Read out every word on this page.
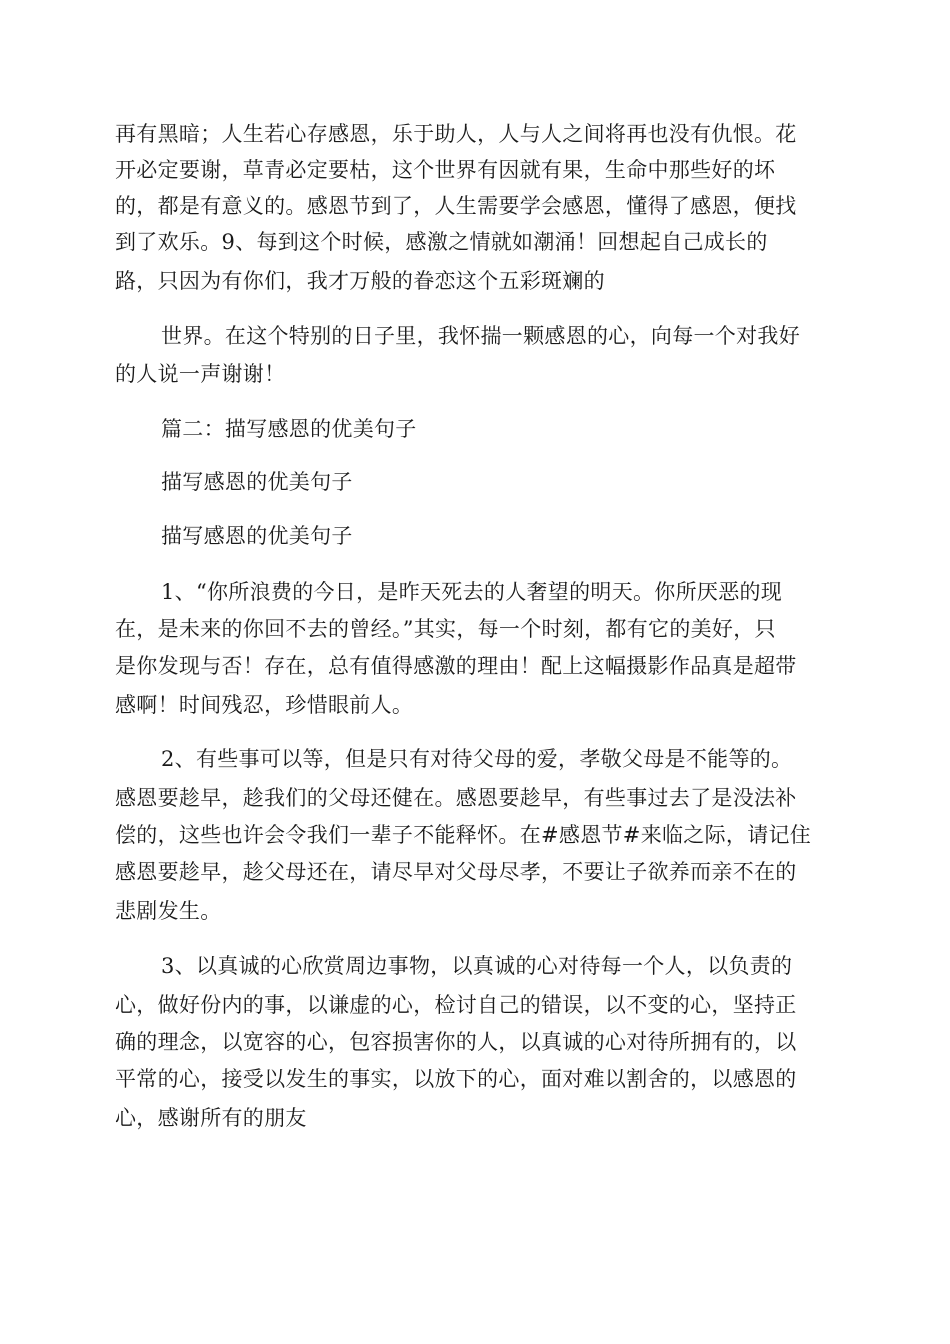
再有黑暗；人生若心存感恩，乐于助人，人与人之间将再也没有仇恨。花
开必定要谢，草青必定要枯，这个世界有因就有果，生命中那些好的坏
的，都是有意义的。感恩节到了，人生需要学会感恩，懂得了感恩，便找
到了欢乐。9、每到这个时候，感激之情就如潮涌！回想起自己成长的
路，只因为有你们，我才万般的眷恋这个五彩斑斓的
世界。在这个特别的日子里，我怀揣一颗感恩的心，向每一个对我好
的人说一声谢谢！
篇二：描写感恩的优美句子
描写感恩的优美句子
描写感恩的优美句子
1、“你所浪费的今日，是昨天死去的人奢望的明天。你所厌恶的现
在，是未来的你回不去的曾经。”其实，每一个时刻，都有它的美好，只
是你发现与否！存在，总有值得感激的理由！配上这幅摄影作品真是超带
感啊！时间残忍，珍惜眼前人。
2、有些事可以等，但是只有对待父母的爱，孝敬父母是不能等的。
感恩要趁早，趁我们的父母还健在。感恩要趁早，有些事过去了是没法补
偿的，这些也许会令我们一辈子不能释怀。在#感恩节#来临之际，请记住
感恩要趁早，趁父母还在，请尽早对父母尽孝，不要让子欲养而亲不在的
悲剧发生。
3、以真诚的心欣赏周边事物，以真诚的心对待每一个人，以负责的
心，做好份内的事，以谦虚的心，检讨自己的错误，以不变的心，坚持正
确的理念，以宽容的心，包容损害你的人，以真诚的心对待所拥有的，以
平常的心，接受以发生的事实，以放下的心，面对难以割舍的，以感恩的
心，感谢所有的朋友
